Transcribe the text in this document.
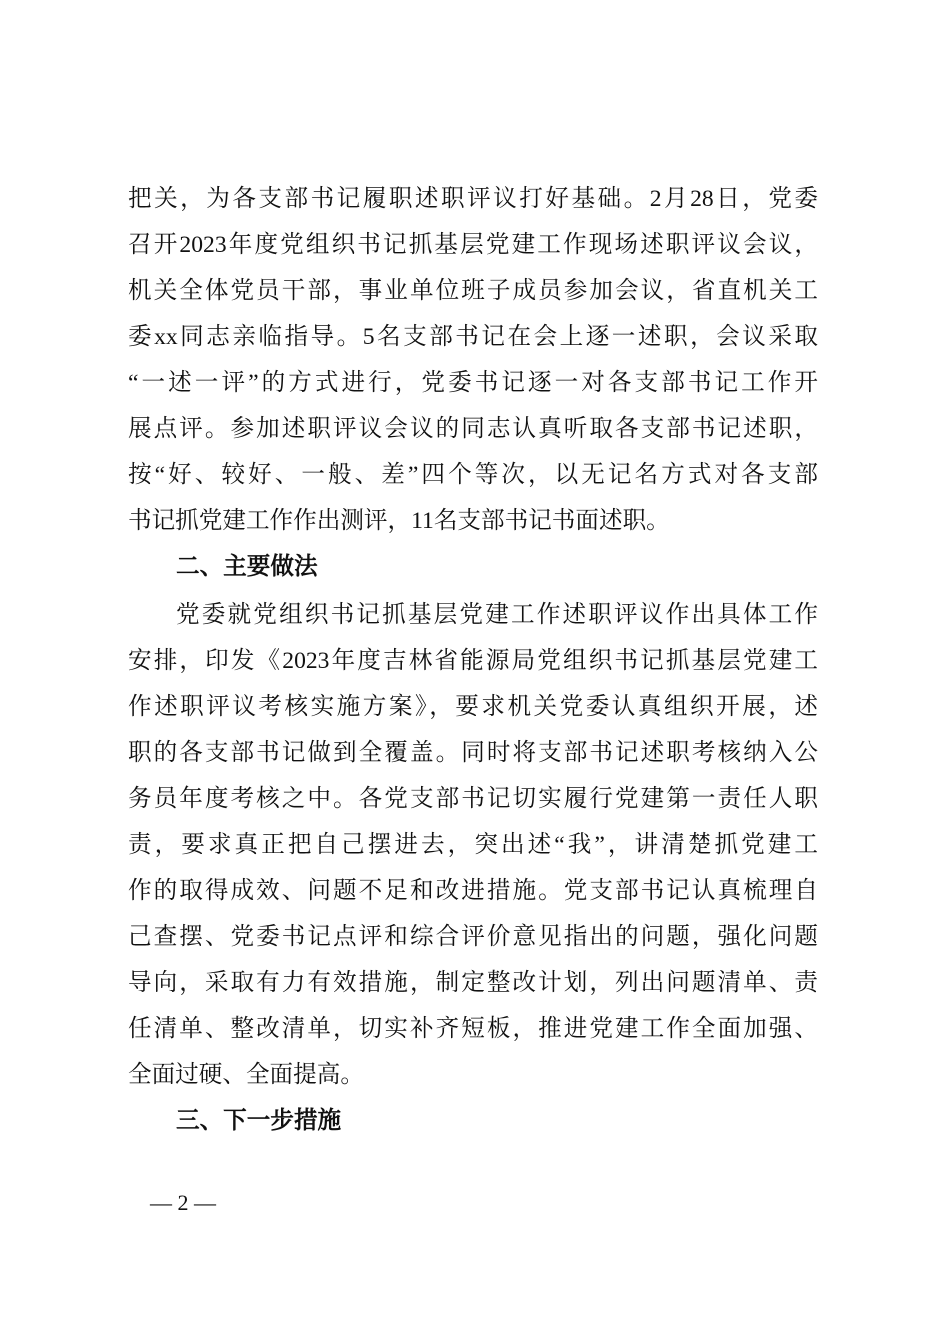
把关，为各支部书记履职述职评议打好基础。2月28日，党委
召开2023年度党组织书记抓基层党建工作现场述职评议会议，
机关全体党员干部，事业单位班子成员参加会议，省直机关工
委xx同志亲临指导。5名支部书记在会上逐一述职，会议采取
“一述一评”的方式进行，党委书记逐一对各支部书记工作开
展点评。参加述职评议会议的同志认真听取各支部书记述职，
按“好、较好、一般、差”四个等次，以无记名方式对各支部
书记抓党建工作作出测评，11名支部书记书面述职。
二、主要做法
党委就党组织书记抓基层党建工作述职评议作出具体工作
安排，印发《2023年度吉林省能源局党组织书记抓基层党建工
作述职评议考核实施方案》，要求机关党委认真组织开展，述
职的各支部书记做到全覆盖。同时将支部书记述职考核纳入公
务员年度考核之中。各党支部书记切实履行党建第一责任人职
责，要求真正把自己摆进去，突出述“我”，讲清楚抓党建工
作的取得成效、问题不足和改进措施。党支部书记认真梳理自
己查摆、党委书记点评和综合评价意见指出的问题，强化问题
导向，采取有力有效措施，制定整改计划，列出问题清单、责
任清单、整改清单，切实补齐短板，推进党建工作全面加强、
全面过硬、全面提高。
三、下一步措施
— 2 —
